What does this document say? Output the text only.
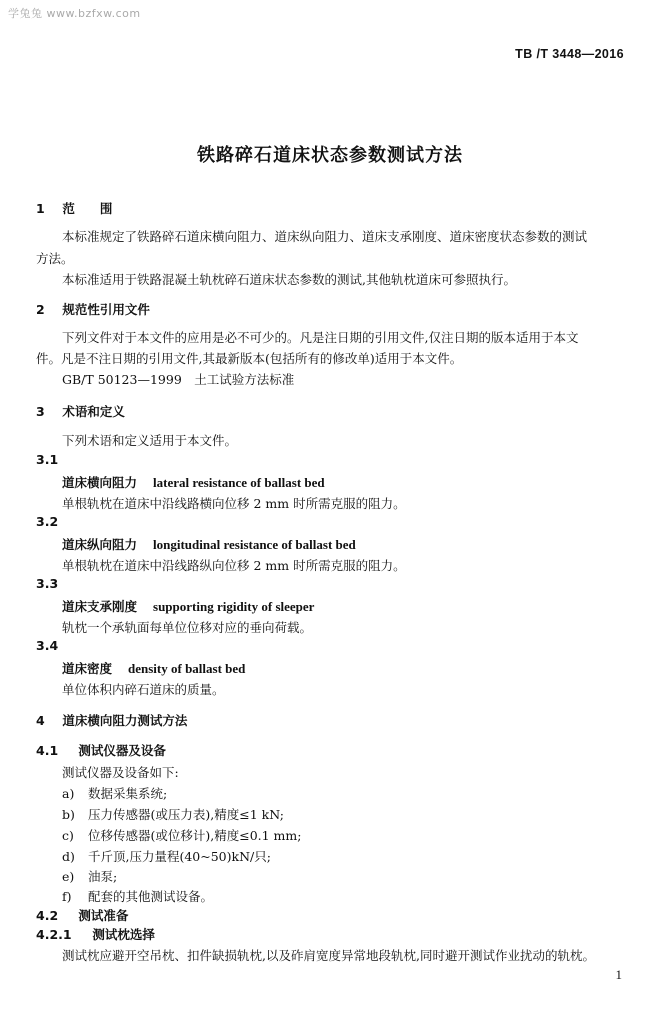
学兔兔 www.bzfxw.com
TB /T 3448—2016
铁路碎石道床状态参数测试方法
1 范　　围
本标准规定了铁路碎石道床横向阻力、道床纵向阻力、道床支承刚度、道床密度状态参数的测试
方法。
本标准适用于铁路混凝土轨枕碎石道床状态参数的测试,其他轨枕道床可参照执行。
2 规范性引用文件
下列文件对于本文件的应用是必不可少的。凡是注日期的引用文件,仅注日期的版本适用于本文
件。凡是不注日期的引用文件,其最新版本(包括所有的修改单)适用于本文件。
GB/T 50123—1999　土工试验方法标准
3 术语和定义
下列术语和定义适用于本文件。
3.1
道床横向阻力 lateral resistance of ballast bed
单根轨枕在道床中沿线路横向位移 2 mm 时所需克服的阻力。
3.2
道床纵向阻力 longitudinal resistance of ballast bed
单根轨枕在道床中沿线路纵向位移 2 mm 时所需克服的阻力。
3.3
道床支承刚度 supporting rigidity of sleeper
轨枕一个承轨面每单位位移对应的垂向荷载。
3.4
道床密度 density of ballast bed
单位体积内碎石道床的质量。
4 道床横向阻力测试方法
4.1 测试仪器及设备
测试仪器及设备如下:
a) 数据采集系统;
b) 压力传感器(或压力表),精度≤1 kN;
c) 位移传感器(或位移计),精度≤0.1 mm;
d) 千斤顶,压力量程(40~50)kN/只;
e) 油泵;
f) 配套的其他测试设备。
4.2 测试准备
4.2.1 测试枕选择
测试枕应避开空吊枕、扣件缺损轨枕,以及砟肩宽度异常地段轨枕,同时避开测试作业扰动的轨枕。
1
